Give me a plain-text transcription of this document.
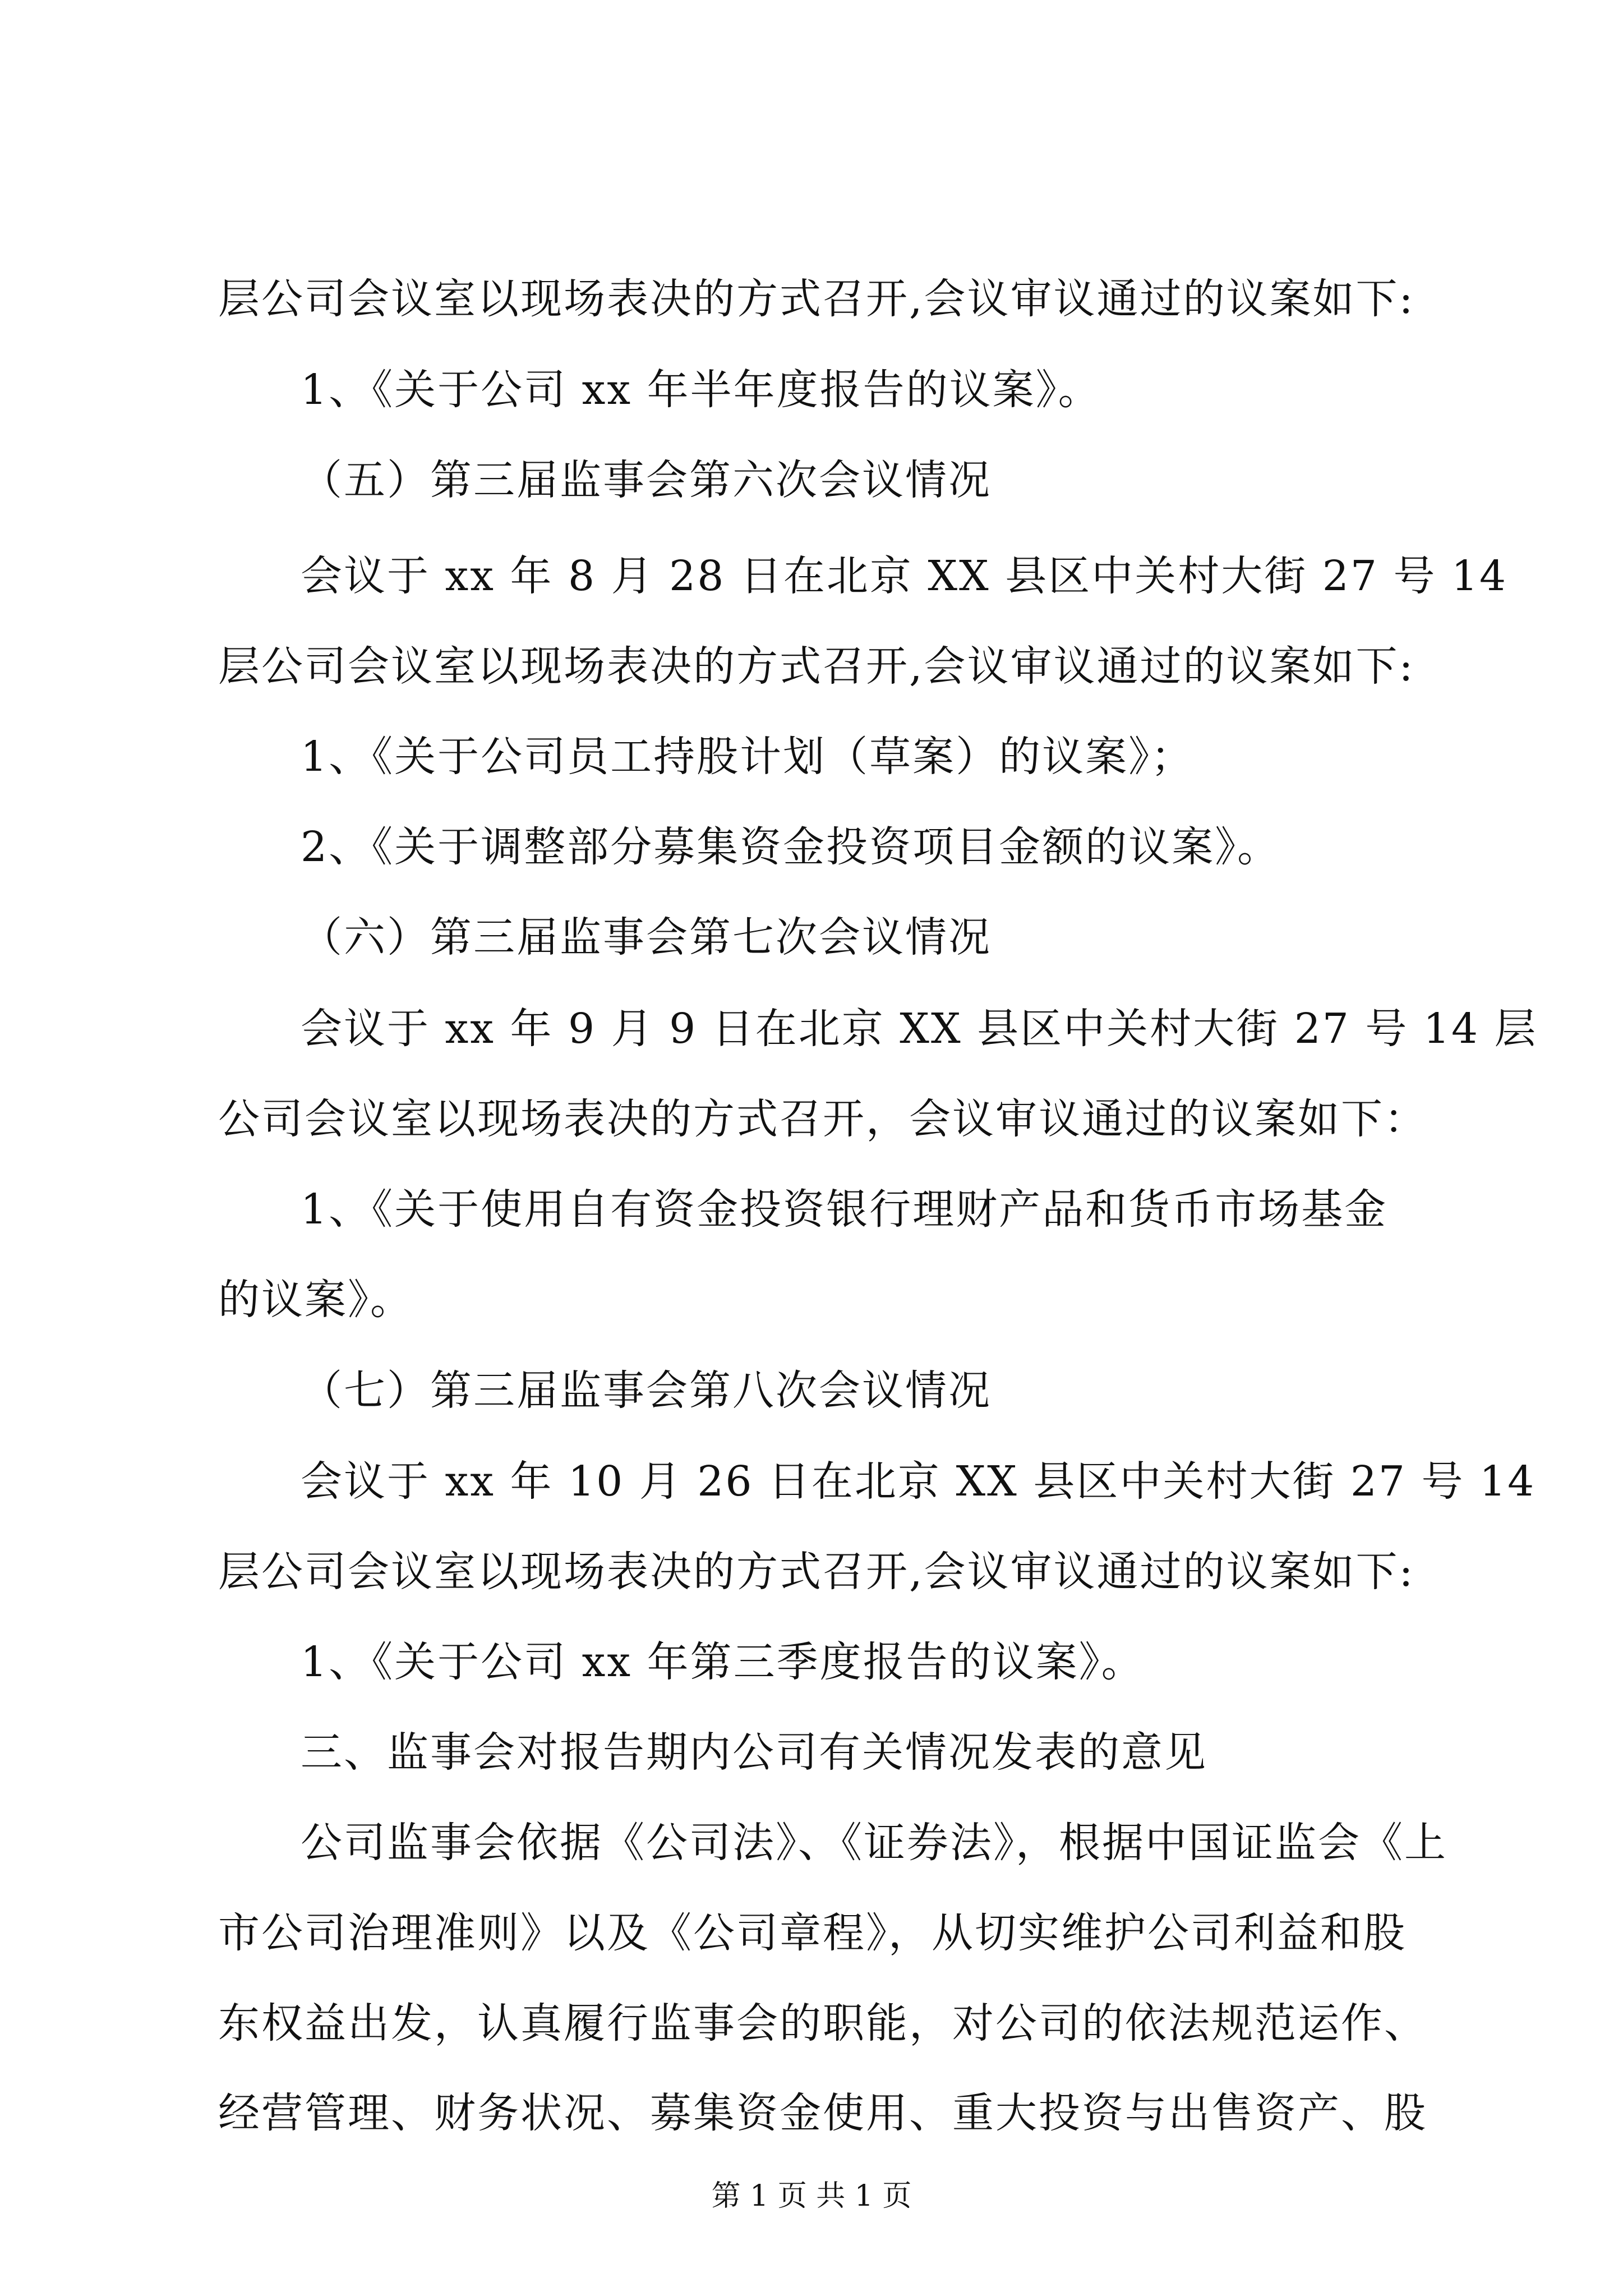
层公司会议室以现场表决的方式召开,会议审议通过的议案如下:
1、《关于公司 xx 年半年度报告的议案》。
（五）第三届监事会第六次会议情况
会议于 xx 年 8 月 28 日在北京 XX 县区中关村大街 27 号 14
层公司会议室以现场表决的方式召开,会议审议通过的议案如下:
1、《关于公司员工持股计划（草案）的议案》；
2、《关于调整部分募集资金投资项目金额的议案》。
（六）第三届监事会第七次会议情况
会议于 xx 年 9 月 9 日在北京 XX 县区中关村大街 27 号 14 层
公司会议室以现场表决的方式召开，会议审议通过的议案如下：
1、《关于使用自有资金投资银行理财产品和货币市场基金
的议案》。
（七）第三届监事会第八次会议情况
会议于 xx 年 10 月 26 日在北京 XX 县区中关村大街 27 号 14
层公司会议室以现场表决的方式召开,会议审议通过的议案如下:
1、《关于公司 xx 年第三季度报告的议案》。
三、监事会对报告期内公司有关情况发表的意见
公司监事会依据《公司法》、《证券法》，根据中国证监会《上
市公司治理准则》以及《公司章程》，从切实维护公司利益和股
东权益出发，认真履行监事会的职能，对公司的依法规范运作、
经营管理、财务状况、募集资金使用、重大投资与出售资产、股
第 1 页 共 1 页
